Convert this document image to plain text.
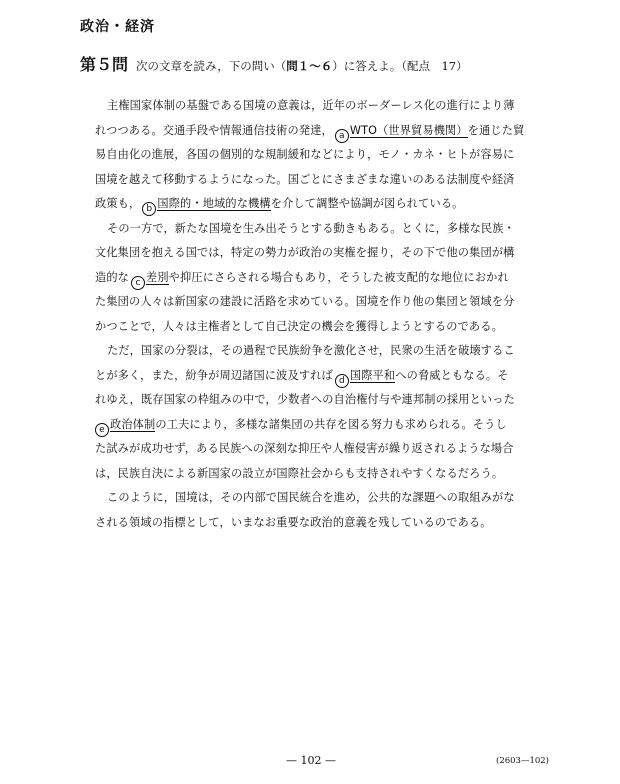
政治・経済
第５問 次の文章を読み，下の問い（問１〜６）に答えよ。（配点　17）
主権国家体制の基盤である国境の意義は，近年のボーダーレス化の進行により薄
れつつある。交通手段や情報通信技術の発達， a WTO（世界貿易機関）を通じた貿
易自由化の進展，各国の個別的な規制緩和などにより，モノ・カネ・ヒトが容易に
国境を越えて移動するようになった。国ごとにさまざまな違いのある法制度や経済
政策も， b 国際的・地域的な機構を介して調整や協調が図られている。
その一方で，新たな国境を生み出そうとする動きもある。とくに，多様な民族・
文化集団を抱える国では，特定の勢力が政治の実権を握り，その下で他の集団が構
造的な c 差別や抑圧にさらされる場合もあり，そうした被支配的な地位におかれ
た集団の人々は新国家の建設に活路を求めている。国境を作り他の集団と領域を分
かつことで，人々は主権者として自己決定の機会を獲得しようとするのである。
ただ，国家の分裂は，その過程で民族紛争を激化させ，民衆の生活を破壊するこ
とが多く，また，紛争が周辺諸国に波及すれば d 国際平和への脅威ともなる。そ
れゆえ，既存国家の枠組みの中で，少数者への自治権付与や連邦制の採用といった
e 政治体制の工夫により，多様な諸集団の共存を図る努力も求められる。そうし
た試みが成功せず，ある民族への深刻な抑圧や人権侵害が繰り返されるような場合
は，民族自決による新国家の設立が国際社会からも支持されやすくなるだろう。
このように，国境は，その内部で国民統合を進め，公共的な課題への取組みがな
される領域の指標として，いまなお重要な政治的意義を残しているのである。
— 102 —	(2603—102)
